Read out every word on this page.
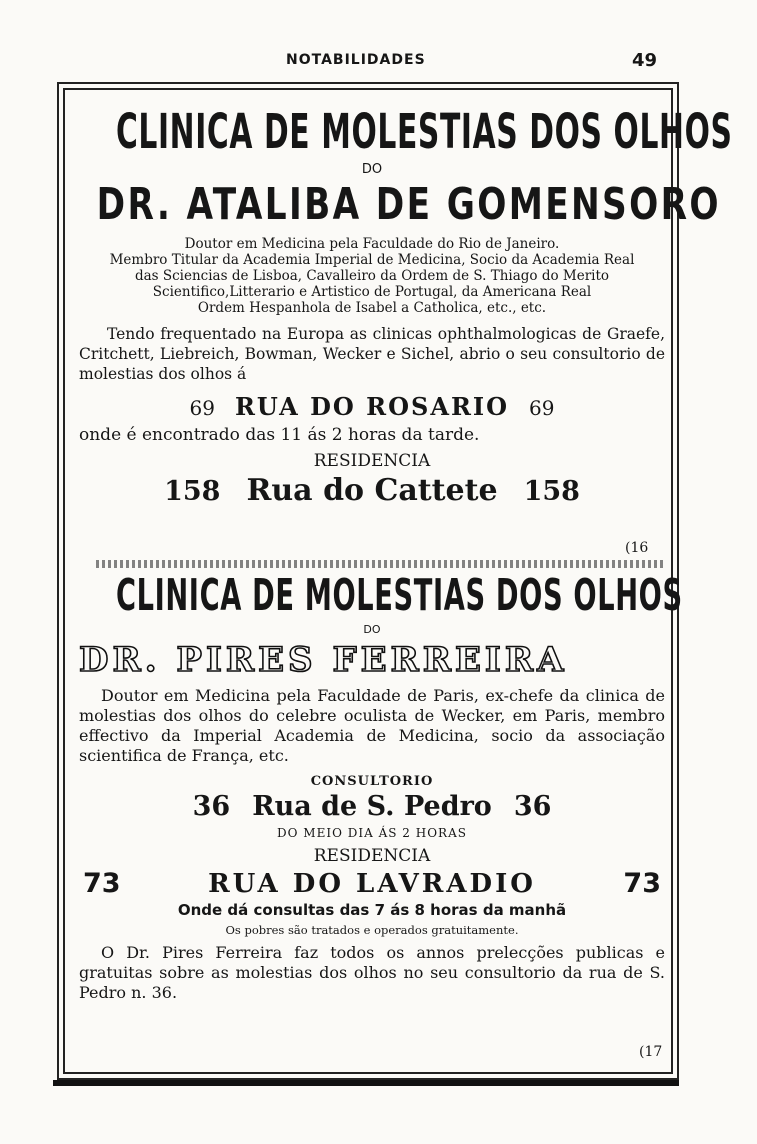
NOTABILIDADES	49
CLINICA DE MOLESTIAS DOS OLHOS
DO
DR. ATALIBA DE GOMENSORO
Doutor em Medicina pela Faculdade do Rio de Janeiro.
Membro Titular da Academia Imperial de Medicina, Socio da Academia Real
das Sciencias de Lisboa, Cavalleiro da Ordem de S. Thiago do Merito
Scientifico,Litterario e Artistico de Portugal, da Americana Real
Ordem Hespanhola de Isabel a Catholica, etc., etc.
Tendo frequentado na Europa as clinicas ophthalmologicas de Graefe, Critchett, Liebreich, Bowman, Wecker e Sichel, abrio o seu consultorio de molestias dos olhos á
69 RUA DO ROSARIO 69
onde é encontrado das 11 ás 2 horas da tarde.
RESIDENCIA
158 Rua do Cattete 158
(16
CLINICA DE MOLESTIAS DOS OLHOS
DO
DR. PIRES FERREIRA
Doutor em Medicina pela Faculdade de Paris, ex-chefe da clinica de molestias dos olhos do celebre oculista de Wecker, em Paris, membro effectivo da Imperial Academia de Medicina, socio da associação scientifica de França, etc.
CONSULTORIO
36 Rua de S. Pedro 36
DO MEIO DIA ÁS 2 HORAS
RESIDENCIA
73	RUA DO LAVRADIO	73
Onde dá consultas das 7 ás 8 horas da manhã
Os pobres são tratados e operados gratuitamente.
O Dr. Pires Ferreira faz todos os annos prelecções publicas e gratuitas sobre as molestias dos olhos no seu consultorio da rua de S. Pedro n. 36.
(17
